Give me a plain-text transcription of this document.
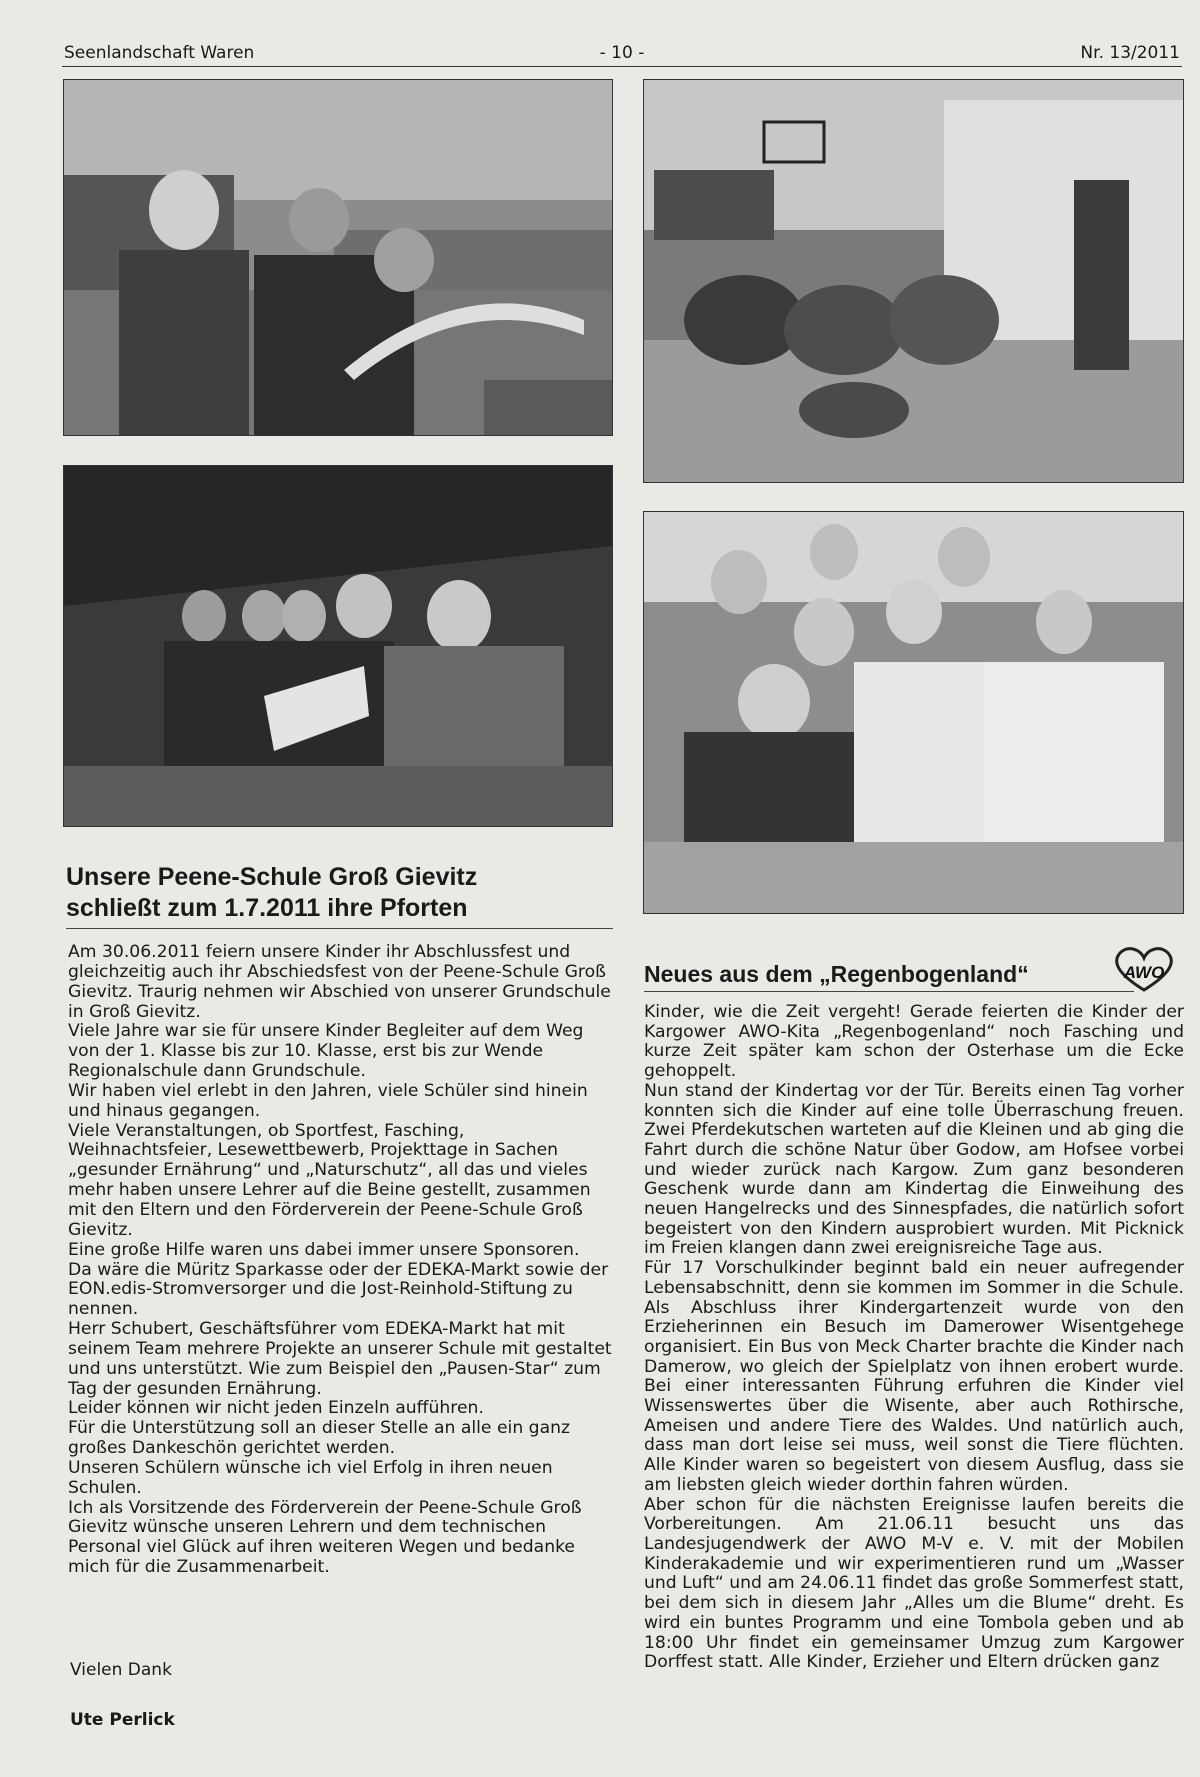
Seenlandschaft Waren	- 10 -	Nr. 13/2011
Unsere Peene-Schule Groß Gievitz
schließt zum 1.7.2011 ihre Pforten

Am 30.06.2011 feiern unsere Kinder ihr Abschlussfest und gleichzeitig auch ihr Abschiedsfest von der Peene-Schule Groß Gievitz. Traurig nehmen wir Abschied von unserer Grundschule in Groß Gievitz.

Viele Jahre war sie für unsere Kinder Begleiter auf dem Weg von der 1. Klasse bis zur 10. Klasse, erst bis zur Wende Regionalschule dann Grundschule.

Wir haben viel erlebt in den Jahren, viele Schüler sind hinein und hinaus gegangen.

Viele Veranstaltungen, ob Sportfest, Fasching, Weihnachtsfeier, Lesewettbewerb, Projekttage in Sachen „gesunder Ernährung“ und „Naturschutz“, all das und vieles mehr haben unsere Lehrer auf die Beine gestellt, zusammen mit den Eltern und den Förderverein der Peene-Schule Groß Gievitz.

Eine große Hilfe waren uns dabei immer unsere Sponsoren.

Da wäre die Müritz Sparkasse oder der EDEKA-Markt sowie der EON.edis-Stromversorger und die Jost-Reinhold-Stiftung zu nennen.

Herr Schubert, Geschäftsführer vom EDEKA-Markt hat mit seinem Team mehrere Projekte an unserer Schule mit gestaltet und uns unterstützt. Wie zum Beispiel den „Pausen-Star“ zum Tag der gesunden Ernährung.

Leider können wir nicht jeden Einzeln aufführen.

Für die Unterstützung soll an dieser Stelle an alle ein ganz großes Dankeschön gerichtet werden.

Unseren Schülern wünsche ich viel Erfolg in ihren neuen Schulen.

Ich als Vorsitzende des Förderverein der Peene-Schule Groß Gievitz wünsche unseren Lehrern und dem technischen Personal viel Glück auf ihren weiteren Wegen und bedanke mich für die Zusammenarbeit.

Vielen Dank
Ute Perlick
Neues aus dem „Regenbogenland“	AWO

Kinder, wie die Zeit vergeht! Gerade feierten die Kinder der Kargower AWO-Kita „Regenbogenland“ noch Fasching und kurze Zeit später kam schon der Osterhase um die Ecke gehoppelt.

Nun stand der Kindertag vor der Tür. Bereits einen Tag vorher konnten sich die Kinder auf eine tolle Überraschung freuen. Zwei Pferdekutschen warteten auf die Kleinen und ab ging die Fahrt durch die schöne Natur über Godow, am Hofsee vorbei und wieder zurück nach Kargow. Zum ganz besonderen Geschenk wurde dann am Kindertag die Einweihung des neuen Hangelrecks und des Sinnespfades, die natürlich sofort begeistert von den Kindern ausprobiert wurden. Mit Picknick im Freien klangen dann zwei ereignisreiche Tage aus.

Für 17 Vorschulkinder beginnt bald ein neuer aufregender Lebensabschnitt, denn sie kommen im Sommer in die Schule. Als Abschluss ihrer Kindergartenzeit wurde von den Erzieherinnen ein Besuch im Damerower Wisentgehege organisiert. Ein Bus von Meck Charter brachte die Kinder nach Damerow, wo gleich der Spielplatz von ihnen erobert wurde. Bei einer interessanten Führung erfuhren die Kinder viel Wissenswertes über die Wisente, aber auch Rothirsche, Ameisen und andere Tiere des Waldes. Und natürlich auch, dass man dort leise sei muss, weil sonst die Tiere flüchten. Alle Kinder waren so begeistert von diesem Ausflug, dass sie am liebsten gleich wieder dorthin fahren würden.

Aber schon für die nächsten Ereignisse laufen bereits die Vorbereitungen. Am 21.06.11 besucht uns das Landesjugendwerk der AWO M-V e. V. mit der Mobilen Kinderakademie und wir experimentieren rund um „Wasser und Luft“ und am 24.06.11 findet das große Sommerfest statt, bei dem sich in diesem Jahr „Alles um die Blume“ dreht. Es wird ein buntes Programm und eine Tombola geben und ab 18:00 Uhr findet ein gemeinsamer Umzug zum Kargower Dorffest statt. Alle Kinder, Erzieher und Eltern drücken ganz
